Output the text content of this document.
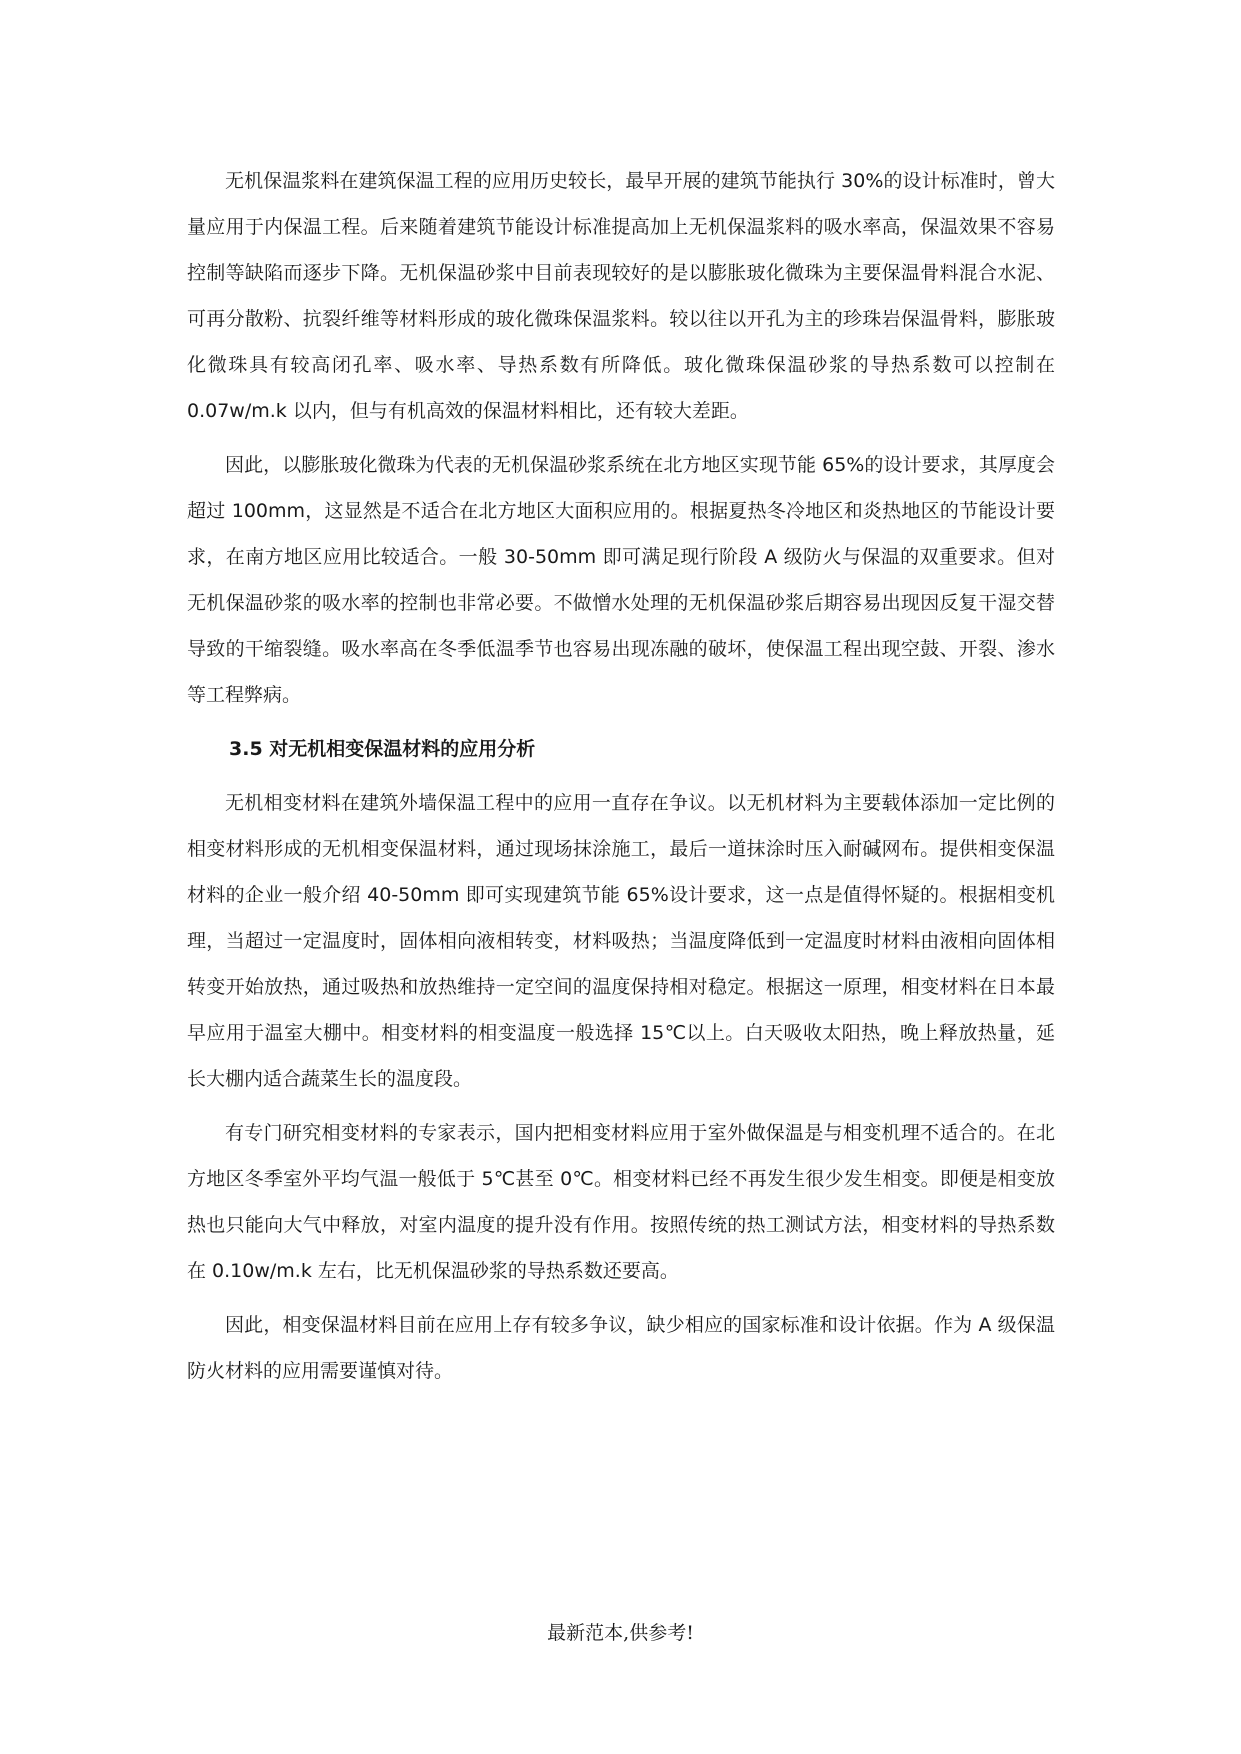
无机保温浆料在建筑保温工程的应用历史较长，最早开展的建筑节能执行 30%的设计标准时，曾大量应用于内保温工程。后来随着建筑节能设计标准提高加上无机保温浆料的吸水率高，保温效果不容易控制等缺陷而逐步下降。无机保温砂浆中目前表现较好的是以膨胀玻化微珠为主要保温骨料混合水泥、可再分散粉、抗裂纤维等材料形成的玻化微珠保温浆料。较以往以开孔为主的珍珠岩保温骨料，膨胀玻化微珠具有较高闭孔率、吸水率、导热系数有所降低。玻化微珠保温砂浆的导热系数可以控制在 0.07w/m.k 以内，但与有机高效的保温材料相比，还有较大差距。

因此，以膨胀玻化微珠为代表的无机保温砂浆系统在北方地区实现节能 65%的设计要求，其厚度会超过 100mm，这显然是不适合在北方地区大面积应用的。根据夏热冬冷地区和炎热地区的节能设计要求，在南方地区应用比较适合。一般 30-50mm 即可满足现行阶段 A 级防火与保温的双重要求。但对无机保温砂浆的吸水率的控制也非常必要。不做憎水处理的无机保温砂浆后期容易出现因反复干湿交替导致的干缩裂缝。吸水率高在冬季低温季节也容易出现冻融的破坏，使保温工程出现空鼓、开裂、渗水等工程弊病。

3.5 对无机相变保温材料的应用分析

无机相变材料在建筑外墙保温工程中的应用一直存在争议。以无机材料为主要载体添加一定比例的相变材料形成的无机相变保温材料，通过现场抹涂施工，最后一道抹涂时压入耐碱网布。提供相变保温材料的企业一般介绍 40-50mm 即可实现建筑节能 65%设计要求，这一点是值得怀疑的。根据相变机理，当超过一定温度时，固体相向液相转变，材料吸热；当温度降低到一定温度时材料由液相向固体相转变开始放热，通过吸热和放热维持一定空间的温度保持相对稳定。根据这一原理，相变材料在日本最早应用于温室大棚中。相变材料的相变温度一般选择 15℃以上。白天吸收太阳热，晚上释放热量，延长大棚内适合蔬菜生长的温度段。

有专门研究相变材料的专家表示，国内把相变材料应用于室外做保温是与相变机理不适合的。在北方地区冬季室外平均气温一般低于 5℃甚至 0℃。相变材料已经不再发生很少发生相变。即便是相变放热也只能向大气中释放，对室内温度的提升没有作用。按照传统的热工测试方法，相变材料的导热系数在 0.10w/m.k 左右，比无机保温砂浆的导热系数还要高。

因此，相变保温材料目前在应用上存有较多争议，缺少相应的国家标准和设计依据。作为 A 级保温防火材料的应用需要谨慎对待。

最新范本,供参考!
